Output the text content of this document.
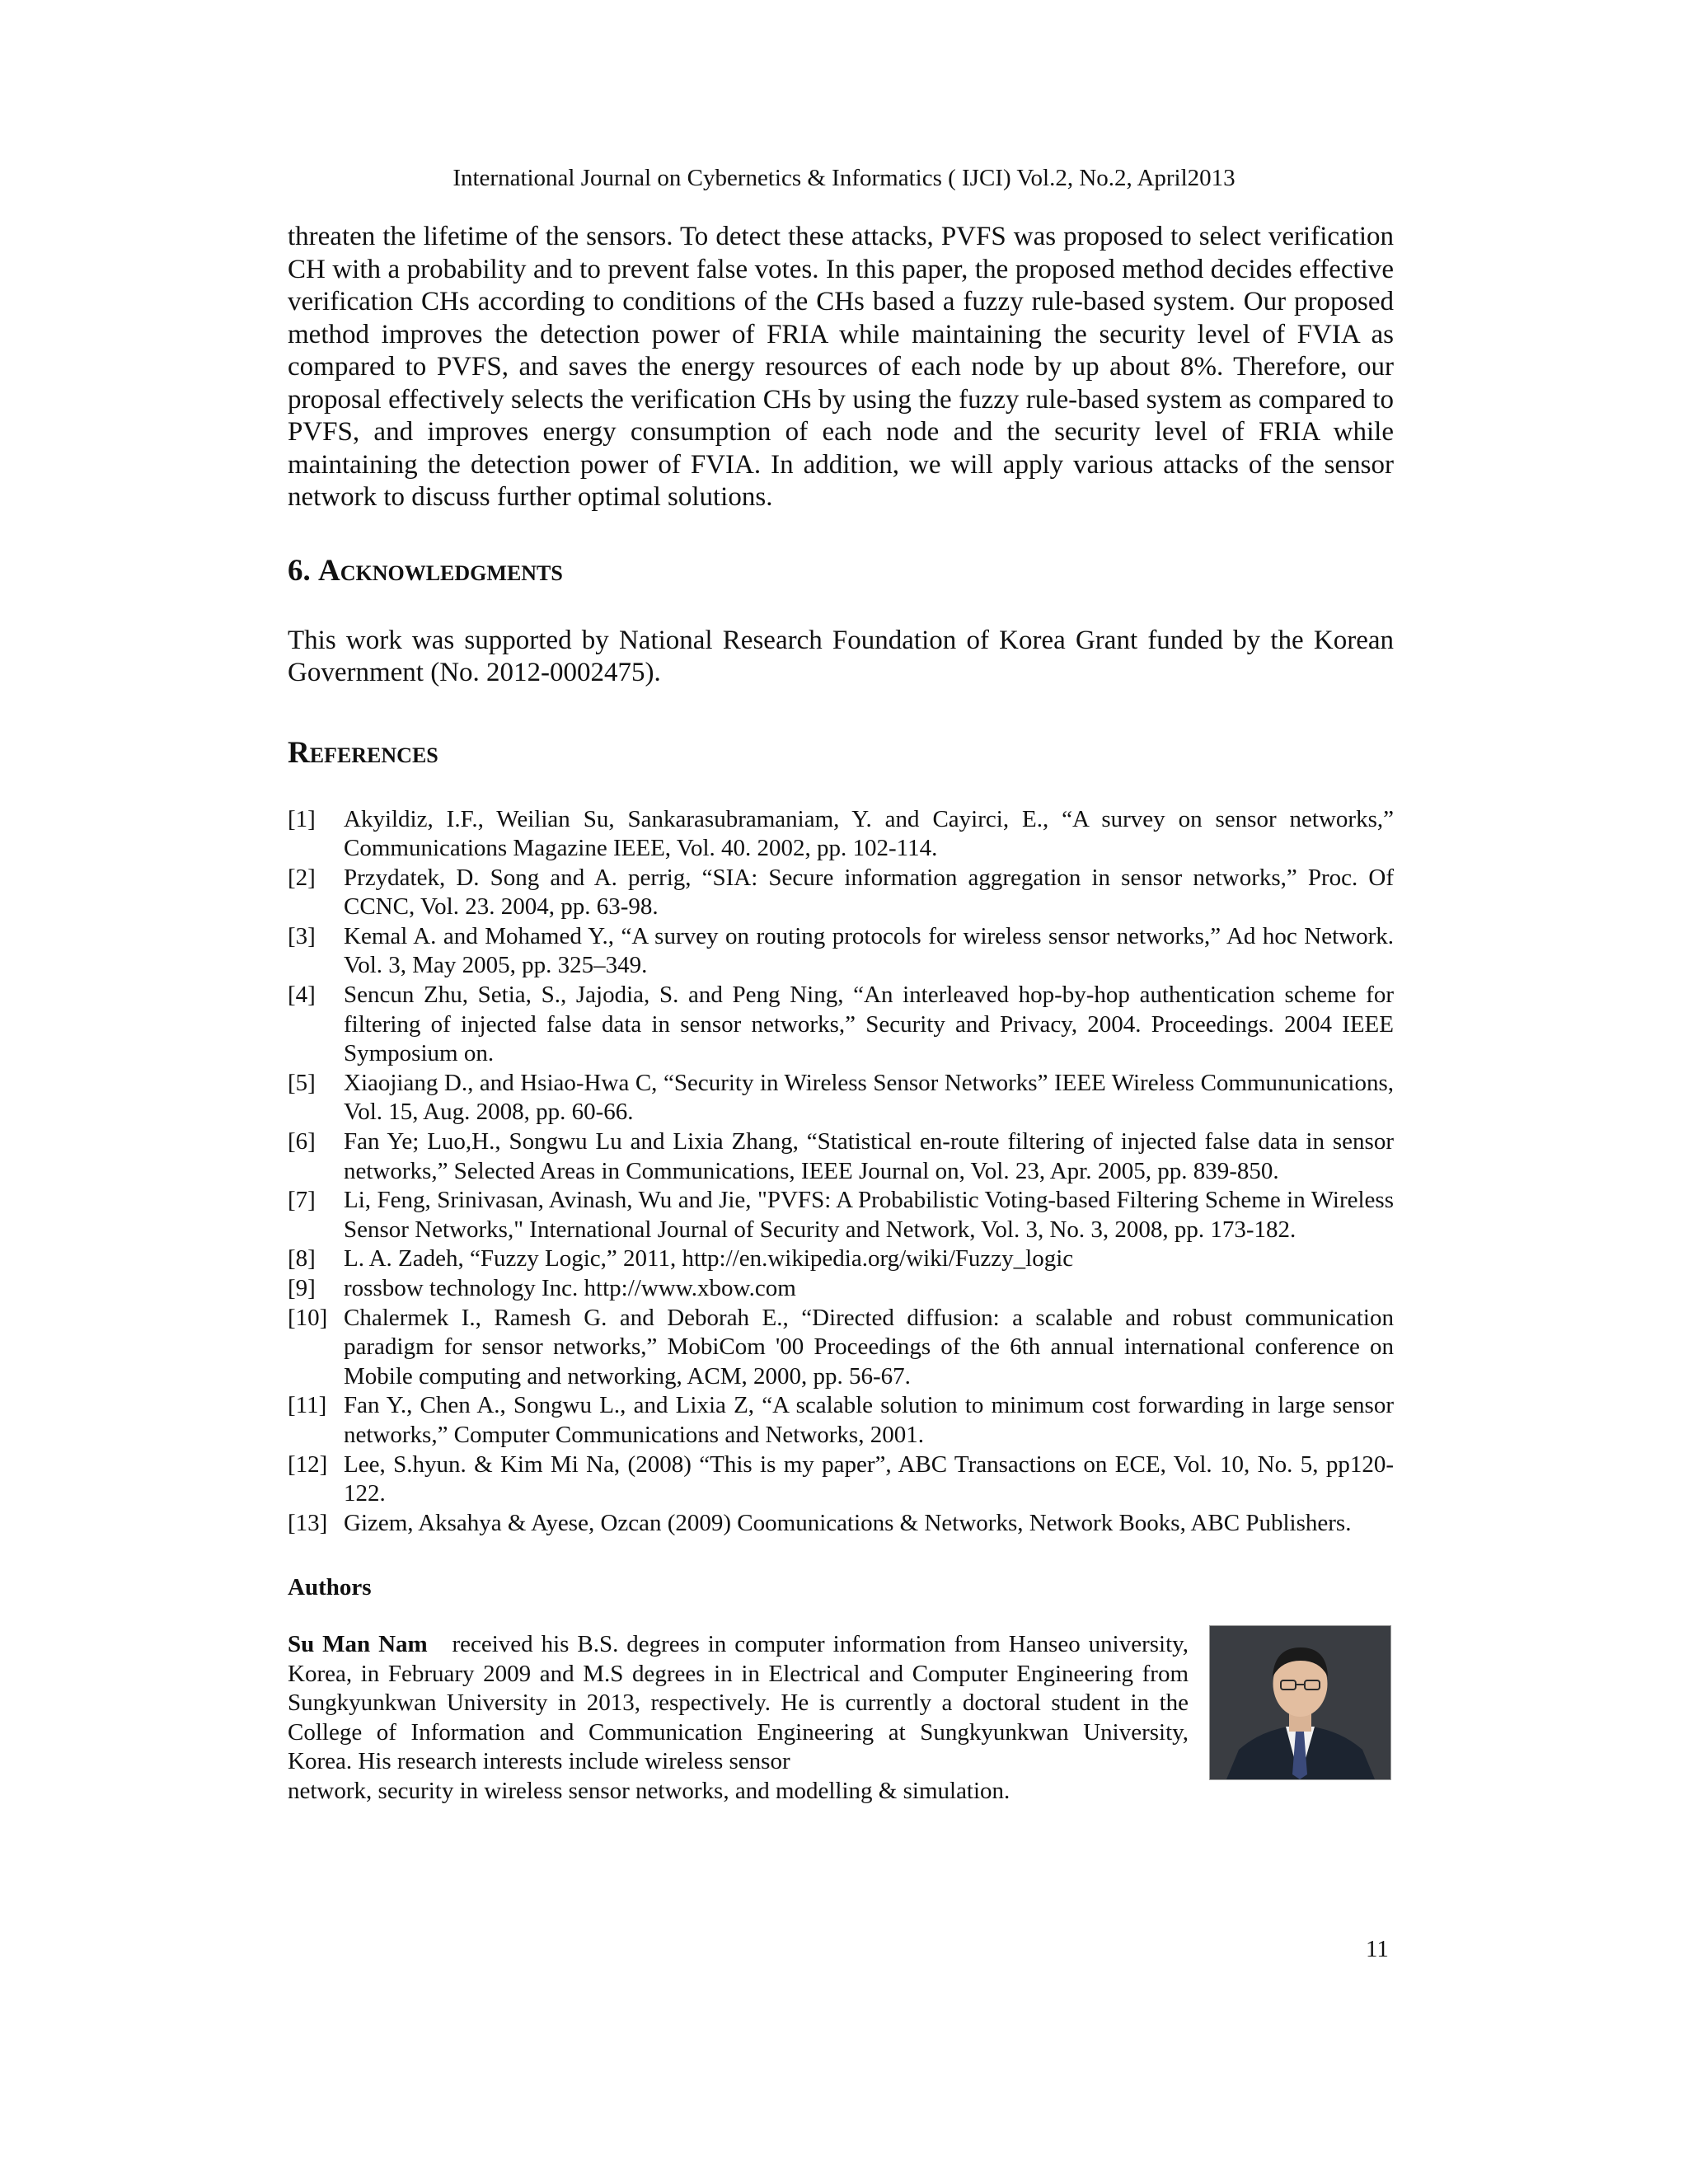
International Journal on Cybernetics & Informatics ( IJCI) Vol.2, No.2, April2013

threaten the lifetime of the sensors. To detect these attacks, PVFS was proposed to select verification CH with a probability and to prevent false votes. In this paper, the proposed method decides effective verification CHs according to conditions of the CHs based a fuzzy rule-based system. Our proposed method improves the detection power of FRIA while maintaining the security level of FVIA as compared to PVFS, and saves the energy resources of each node by up about 8%. Therefore, our proposal effectively selects the verification CHs by using the fuzzy rule-based system as compared to PVFS, and improves energy consumption of each node and the security level of FRIA while maintaining the detection power of FVIA. In addition, we will apply various attacks of the sensor network to discuss further optimal solutions.

6. Acknowledgments

This work was supported by National Research Foundation of Korea Grant funded by the Korean Government (No. 2012-0002475).

References
[1]	Akyildiz, I.F., Weilian Su, Sankarasubramaniam, Y. and Cayirci, E., “A survey on sensor networks,” Communications Magazine IEEE, Vol. 40. 2002, pp. 102-114.
[2]	Przydatek, D. Song and A. perrig, “SIA: Secure information aggregation in sensor networks,” Proc. Of CCNC, Vol. 23. 2004, pp. 63-98.
[3]	Kemal A. and Mohamed Y., “A survey on routing protocols for wireless sensor networks,” Ad hoc Network. Vol. 3, May 2005, pp. 325–349.
[4]	Sencun Zhu, Setia, S., Jajodia, S. and Peng Ning, “An interleaved hop-by-hop authentication scheme for filtering of injected false data in sensor networks,” Security and Privacy, 2004. Proceedings. 2004 IEEE Symposium on.
[5]	Xiaojiang D., and Hsiao-Hwa C, “Security in Wireless Sensor Networks” IEEE Wireless Commununications, Vol. 15, Aug. 2008, pp. 60-66.
[6]	Fan Ye; Luo,H., Songwu Lu and Lixia Zhang, “Statistical en-route filtering of injected false data in sensor networks,” Selected Areas in Communications, IEEE Journal on, Vol. 23, Apr. 2005, pp. 839-850.
[7]	Li, Feng, Srinivasan, Avinash, Wu and Jie, "PVFS: A Probabilistic Voting-based Filtering Scheme in Wireless Sensor Networks," International Journal of Security and Network, Vol. 3, No. 3, 2008, pp. 173-182.
[8]	L. A. Zadeh, “Fuzzy Logic,” 2011, http://en.wikipedia.org/wiki/Fuzzy_logic
[9]	rossbow technology Inc. http://www.xbow.com
[10] Chalermek I., Ramesh G. and Deborah E., “Directed diffusion: a scalable and robust communication paradigm for sensor networks,” MobiCom '00 Proceedings of the 6th annual international conference on Mobile computing and networking, ACM, 2000, pp. 56-67.
[11] Fan Y., Chen A., Songwu L., and Lixia Z, “A scalable solution to minimum cost forwarding in large sensor networks,” Computer Communications and Networks, 2001.
[12] Lee, S.hyun. & Kim Mi Na, (2008) “This is my paper”, ABC Transactions on ECE, Vol. 10, No. 5, pp120-122.
[13] Gizem, Aksahya & Ayese, Ozcan (2009) Coomunications & Networks, Network Books, ABC Publishers.
Authors

Su Man Nam received his B.S. degrees in computer information from Hanseo university, Korea, in February 2009 and M.S degrees in in Electrical and Computer Engineering from Sungkyunkwan University in 2013, respectively. He is currently a doctoral student in the College of Information and Communication Engineering at Sungkyunkwan University, Korea. His research interests include wireless sensor

network, security in wireless sensor networks, and modelling & simulation.

11
